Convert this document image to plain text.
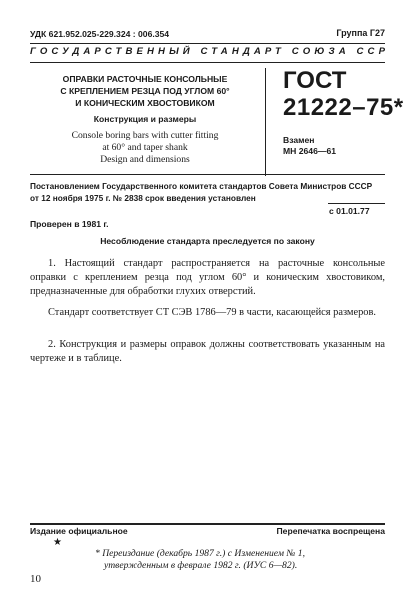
УДК 621.952.025-229.324 : 006.354	Группа Г27
ГОСУДАРСТВЕННЫЙ СТАНДАРТ СОЮЗА ССР
ОПРАВКИ РАСТОЧНЫЕ КОНСОЛЬНЫЕ
С КРЕПЛЕНИЕМ РЕЗЦА ПОД УГЛОМ 60°
И КОНИЧЕСКИМ ХВОСТОВИКОМ
Конструкция и размеры
Console boring bars with cutter fitting
at 60° and taper shank
Design and dimensions
ГОСТ
21222–75*
Взамен
МН 2646—61
Постановлением Государственного комитета стандартов Совета Министров СССР
от 12 ноября 1975 г. № 2838 срок введения установлен
с 01.01.77
Проверен в 1981 г.
Несоблюдение стандарта преследуется по закону
1. Настоящий стандарт распространяется на расточные консольные оправки с креплением резца под углом 60° и коническим хвостовиком, предназначенные для обработки глухих отверстий.
Стандарт соответствует СТ СЭВ 1786—79 в части, касающейся размеров.
2. Конструкция и размеры оправок должны соответствовать указанным на чертеже и в таблице.
Издание официальное	Перепечатка воспрещена
★
* Переиздание (декабрь 1987 г.) с Изменением № 1,
утвержденным в феврале 1982 г. (ИУС 6—82).
10
